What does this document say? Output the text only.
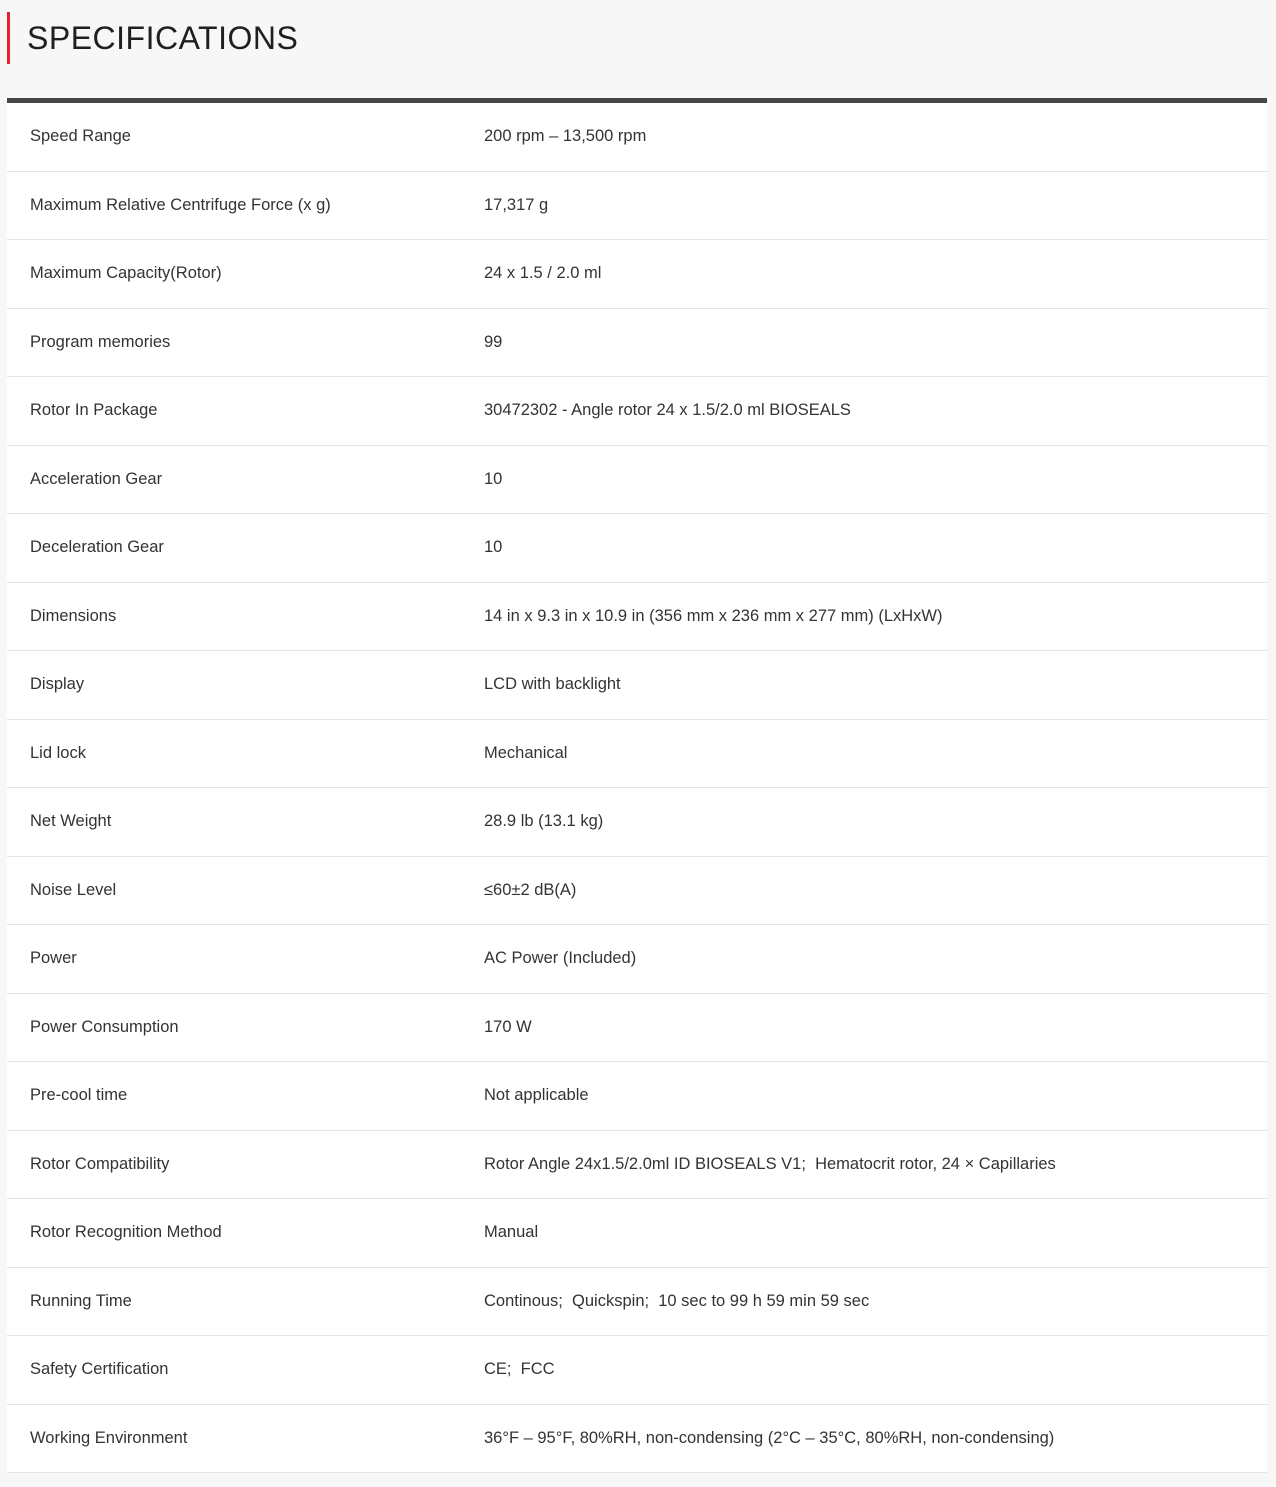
SPECIFICATIONS
Speed Range	200 rpm – 13,500 rpm
Maximum Relative Centrifuge Force (x g)	17,317 g
Maximum Capacity(Rotor)	24 x 1.5 / 2.0 ml
Program memories	99
Rotor In Package	30472302 - Angle rotor 24 x 1.5/2.0 ml BIOSEALS
Acceleration Gear	10
Deceleration Gear	10
Dimensions	14 in x 9.3 in x 10.9 in (356 mm x 236 mm x 277 mm) (LxHxW)
Display	LCD with backlight
Lid lock	Mechanical
Net Weight	28.9 lb (13.1 kg)
Noise Level	≤60±2 dB(A)
Power	AC Power (Included)
Power Consumption	170 W
Pre-cool time	Not applicable
Rotor Compatibility	Rotor Angle 24x1.5/2.0ml ID BIOSEALS V1;  Hematocrit rotor, 24 × Capillaries
Rotor Recognition Method	Manual
Running Time	Continous;  Quickspin;  10 sec to 99 h 59 min 59 sec
Safety Certification	CE;  FCC
Working Environment	36°F – 95°F, 80%RH, non-condensing (2°C – 35°C, 80%RH, non-condensing)
